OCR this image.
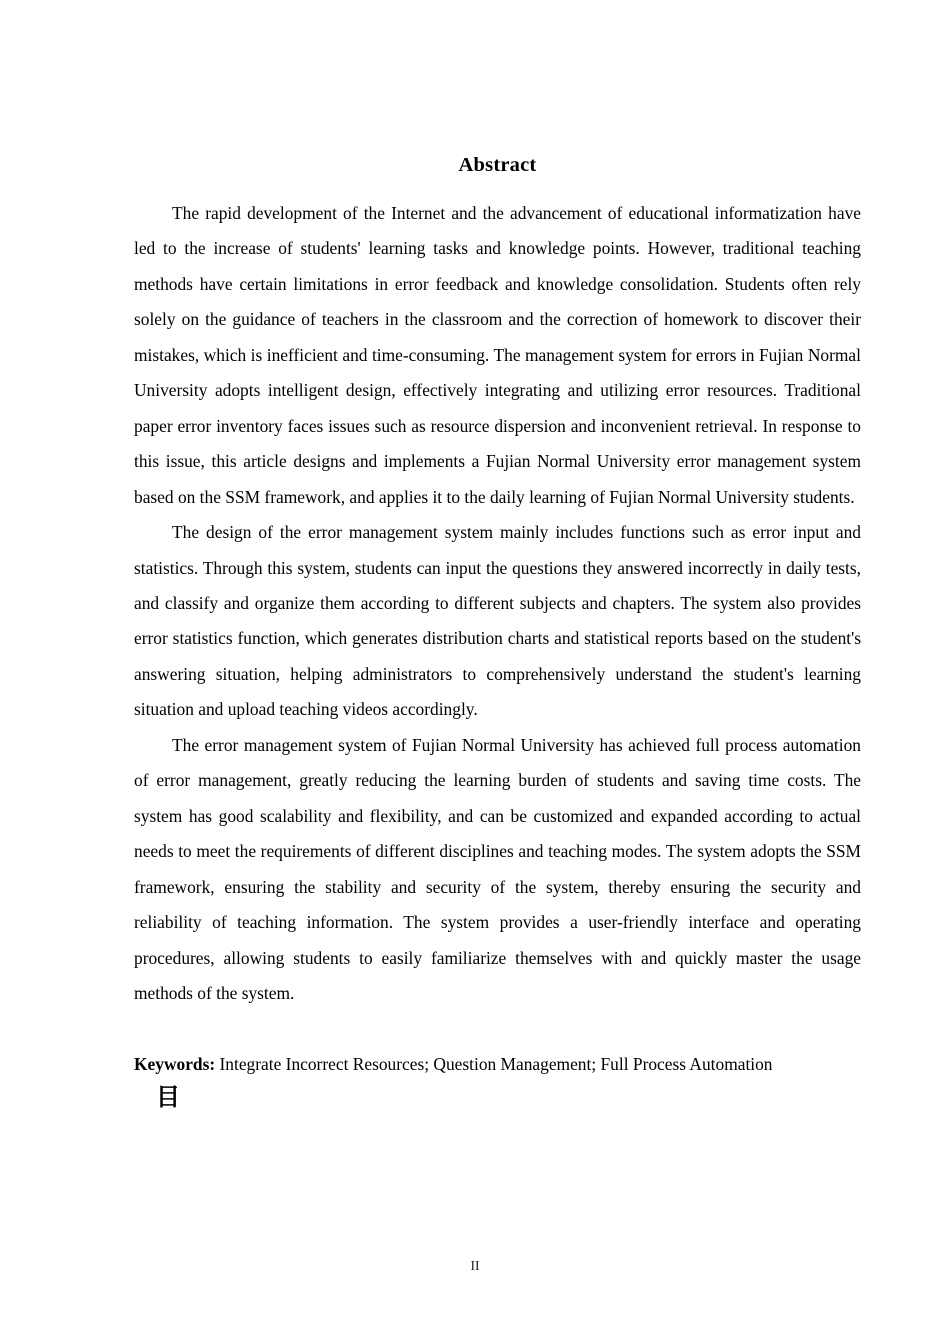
Abstract

The rapid development of the Internet and the advancement of educational informatization have led to the increase of students' learning tasks and knowledge points. However, traditional teaching methods have certain limitations in error feedback and knowledge consolidation. Students often rely solely on the guidance of teachers in the classroom and the correction of homework to discover their mistakes, which is inefficient and time-consuming. The management system for errors in Fujian Normal University adopts intelligent design, effectively integrating and utilizing error resources. Traditional paper error inventory faces issues such as resource dispersion and inconvenient retrieval. In response to this issue, this article designs and implements a Fujian Normal University error management system based on the SSM framework, and applies it to the daily learning of Fujian Normal University students.

The design of the error management system mainly includes functions such as error input and statistics. Through this system, students can input the questions they answered incorrectly in daily tests, and classify and organize them according to different subjects and chapters. The system also provides error statistics function, which generates distribution charts and statistical reports based on the student's answering situation, helping administrators to comprehensively understand the student's learning situation and upload teaching videos accordingly.

The error management system of Fujian Normal University has achieved full process automation of error management, greatly reducing the learning burden of students and saving time costs. The system has good scalability and flexibility, and can be customized and expanded according to actual needs to meet the requirements of different disciplines and teaching modes. The system adopts the SSM framework, ensuring the stability and security of the system, thereby ensuring the security and reliability of teaching information. The system provides a user-friendly interface and operating procedures, allowing students to easily familiarize themselves with and quickly master the usage methods of the system.

Keywords: Integrate Incorrect Resources; Question Management; Full Process Automation

目

II
